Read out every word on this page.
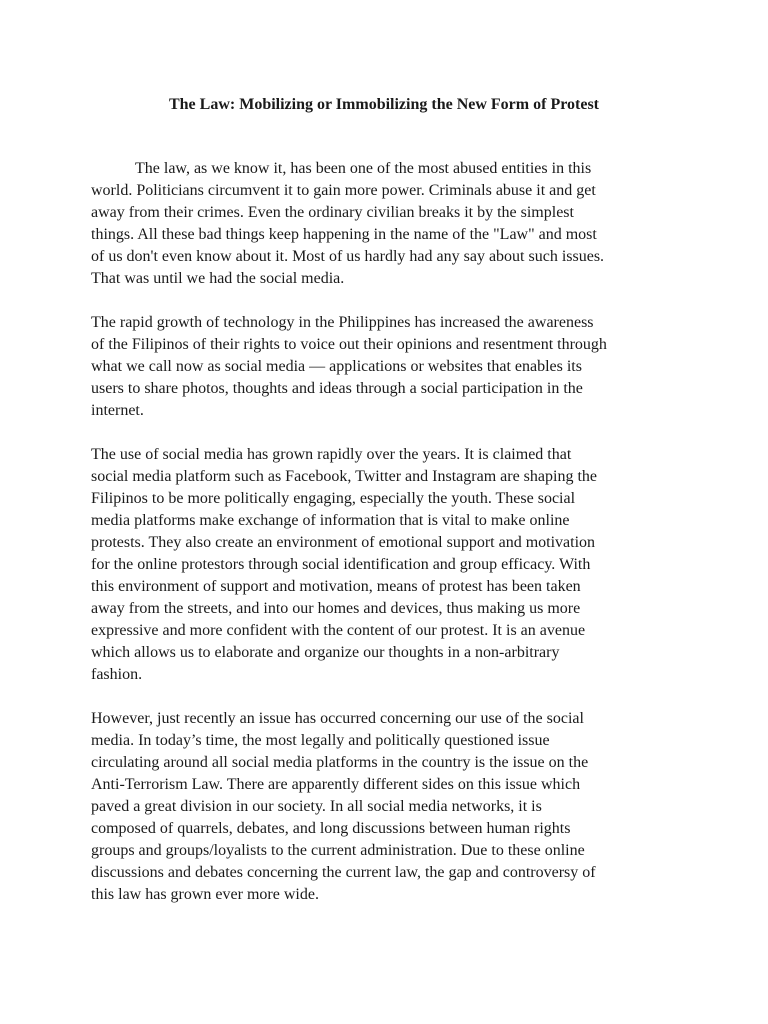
The Law: Mobilizing or Immobilizing the New Form of Protest

The law, as we know it, has been one of the most abused entities in this
world. Politicians circumvent it to gain more power. Criminals abuse it and get
away from their crimes. Even the ordinary civilian breaks it by the simplest
things. All these bad things keep happening in the name of the "Law" and most
of us don't even know about it. Most of us hardly had any say about such issues.
That was until we had the social media.

The rapid growth of technology in the Philippines has increased the awareness
of the Filipinos of their rights to voice out their opinions and resentment through
what we call now as social media — applications or websites that enables its
users to share photos, thoughts and ideas through a social participation in the
internet.

The use of social media has grown rapidly over the years. It is claimed that
social media platform such as Facebook, Twitter and Instagram are shaping the
Filipinos to be more politically engaging, especially the youth. These social
media platforms make exchange of information that is vital to make online
protests. They also create an environment of emotional support and motivation
for the online protestors through social identification and group efficacy. With
this environment of support and motivation, means of protest has been taken
away from the streets, and into our homes and devices, thus making us more
expressive and more confident with the content of our protest. It is an avenue
which allows us to elaborate and organize our thoughts in a non-arbitrary
fashion.

However, just recently an issue has occurred concerning our use of the social
media. In today’s time, the most legally and politically questioned issue
circulating around all social media platforms in the country is the issue on the
Anti-Terrorism Law. There are apparently different sides on this issue which
paved a great division in our society. In all social media networks, it is
composed of quarrels, debates, and long discussions between human rights
groups and groups/loyalists to the current administration. Due to these online
discussions and debates concerning the current law, the gap and controversy of
this law has grown ever more wide.
